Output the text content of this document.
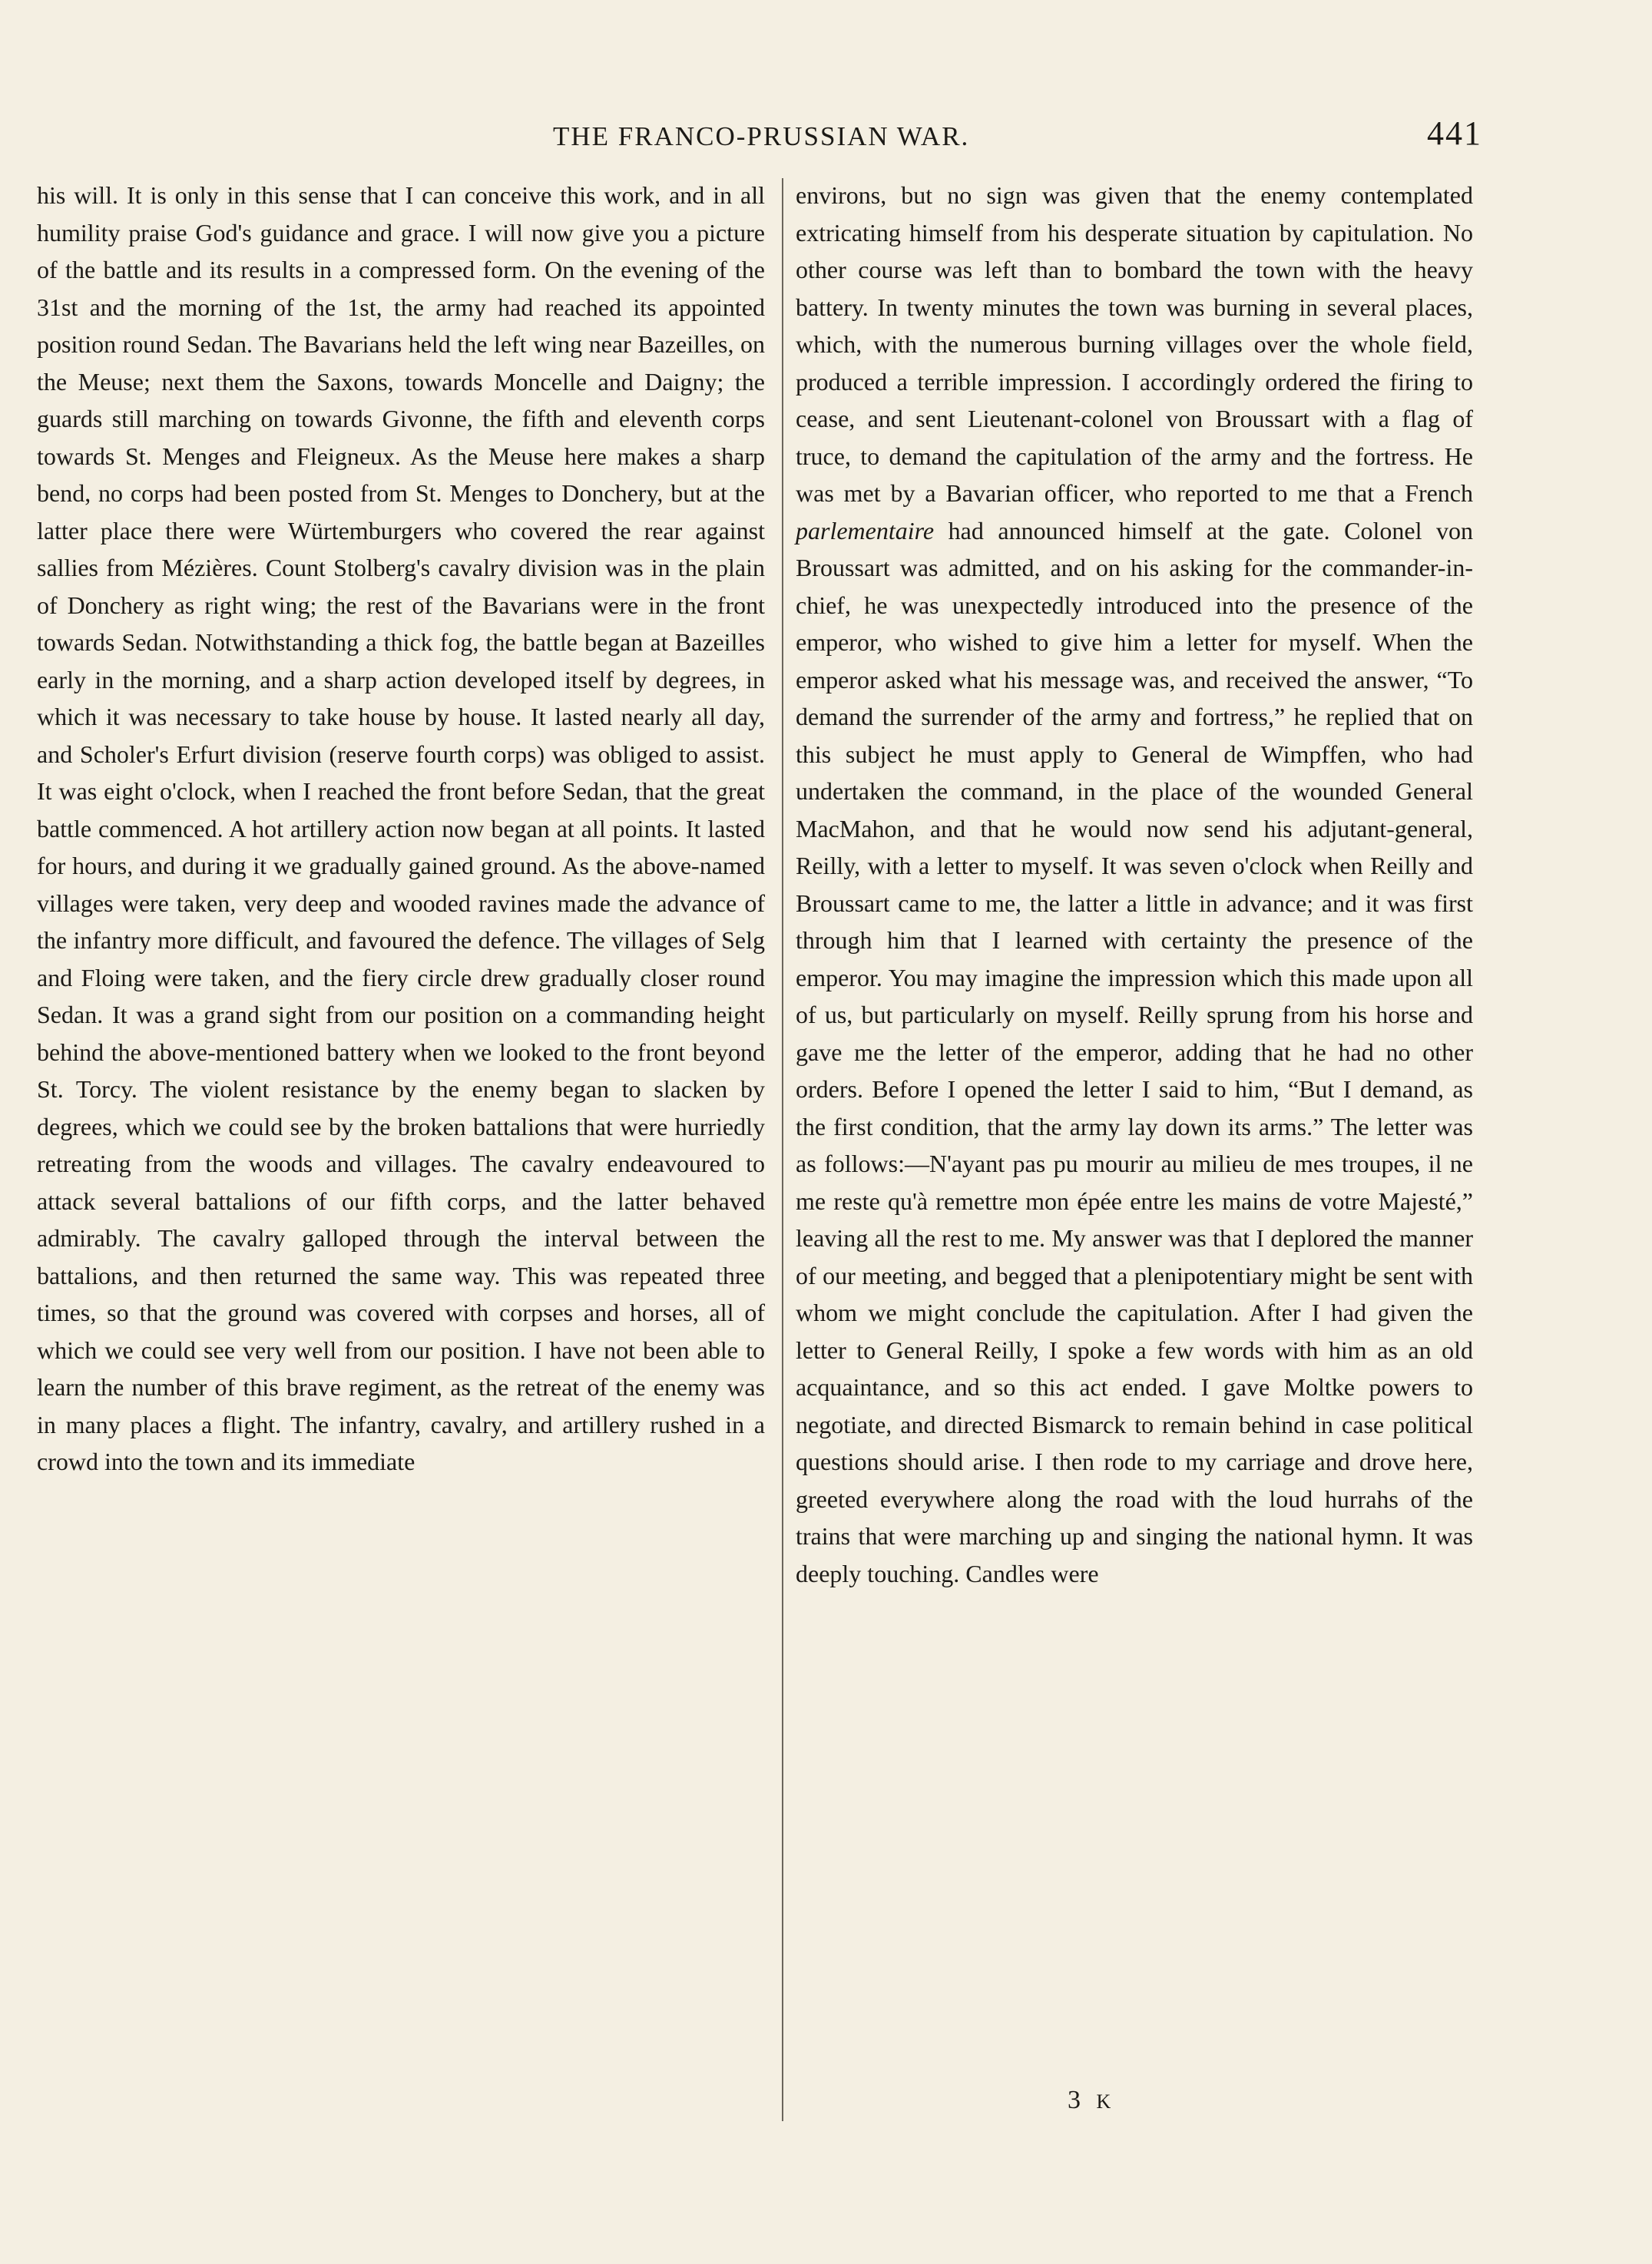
THE FRANCO-PRUSSIAN WAR.	441

his will. It is only in this sense that I can conceive this work, and in all humility praise God's guidance and grace. I will now give you a picture of the battle and its results in a compressed form. On the evening of the 31st and the morning of the 1st, the army had reached its appointed position round Sedan. The Bavarians held the left wing near Bazeilles, on the Meuse; next them the Saxons, towards Moncelle and Daigny; the guards still marching on towards Givonne, the fifth and eleventh corps towards St. Menges and Fleigneux. As the Meuse here makes a sharp bend, no corps had been posted from St. Menges to Donchery, but at the latter place there were Würtemburgers who covered the rear against sallies from Mézières. Count Stolberg's cavalry division was in the plain of Donchery as right wing; the rest of the Bavarians were in the front towards Sedan. Notwithstanding a thick fog, the battle began at Bazeilles early in the morning, and a sharp action developed itself by degrees, in which it was necessary to take house by house. It lasted nearly all day, and Scholer's Erfurt division (reserve fourth corps) was obliged to assist. It was eight o'clock, when I reached the front before Sedan, that the great battle commenced. A hot artillery action now began at all points. It lasted for hours, and during it we gradually gained ground. As the above-named villages were taken, very deep and wooded ravines made the advance of the infantry more difficult, and favoured the defence. The villages of Selg and Floing were taken, and the fiery circle drew gradually closer round Sedan. It was a grand sight from our position on a commanding height behind the above-mentioned battery when we looked to the front beyond St. Torcy. The violent resistance by the enemy began to slacken by degrees, which we could see by the broken battalions that were hurriedly retreating from the woods and villages. The cavalry endeavoured to attack several battalions of our fifth corps, and the latter behaved admirably. The cavalry galloped through the interval between the battalions, and then returned the same way. This was repeated three times, so that the ground was covered with corpses and horses, all of which we could see very well from our position. I have not been able to learn the number of this brave regiment, as the retreat of the enemy was in many places a flight. The infantry, cavalry, and artillery rushed in a crowd into the town and its immediate

environs, but no sign was given that the enemy contemplated extricating himself from his desperate situation by capitulation. No other course was left than to bombard the town with the heavy battery. In twenty minutes the town was burning in several places, which, with the numerous burning villages over the whole field, produced a terrible impression. I accordingly ordered the firing to cease, and sent Lieutenant-colonel von Broussart with a flag of truce, to demand the capitulation of the army and the fortress. He was met by a Bavarian officer, who reported to me that a French parlementaire had announced himself at the gate. Colonel von Broussart was admitted, and on his asking for the commander-in-chief, he was unexpectedly introduced into the presence of the emperor, who wished to give him a letter for myself. When the emperor asked what his message was, and received the answer, “To demand the surrender of the army and fortress,” he replied that on this subject he must apply to General de Wimpffen, who had undertaken the command, in the place of the wounded General MacMahon, and that he would now send his adjutant-general, Reilly, with a letter to myself. It was seven o'clock when Reilly and Broussart came to me, the latter a little in advance; and it was first through him that I learned with certainty the presence of the emperor. You may imagine the impression which this made upon all of us, but particularly on myself. Reilly sprung from his horse and gave me the letter of the emperor, adding that he had no other orders. Before I opened the letter I said to him, “But I demand, as the first condition, that the army lay down its arms.” The letter was as follows:—N'ayant pas pu mourir au milieu de mes troupes, il ne me reste qu'à remettre mon épée entre les mains de votre Majesté,” leaving all the rest to me. My answer was that I deplored the manner of our meeting, and begged that a plenipotentiary might be sent with whom we might conclude the capitulation. After I had given the letter to General Reilly, I spoke a few words with him as an old acquaintance, and so this act ended. I gave Moltke powers to negotiate, and directed Bismarck to remain behind in case political questions should arise. I then rode to my carriage and drove here, greeted everywhere along the road with the loud hurrahs of the trains that were marching up and singing the national hymn. It was deeply touching. Candles were

3 K
